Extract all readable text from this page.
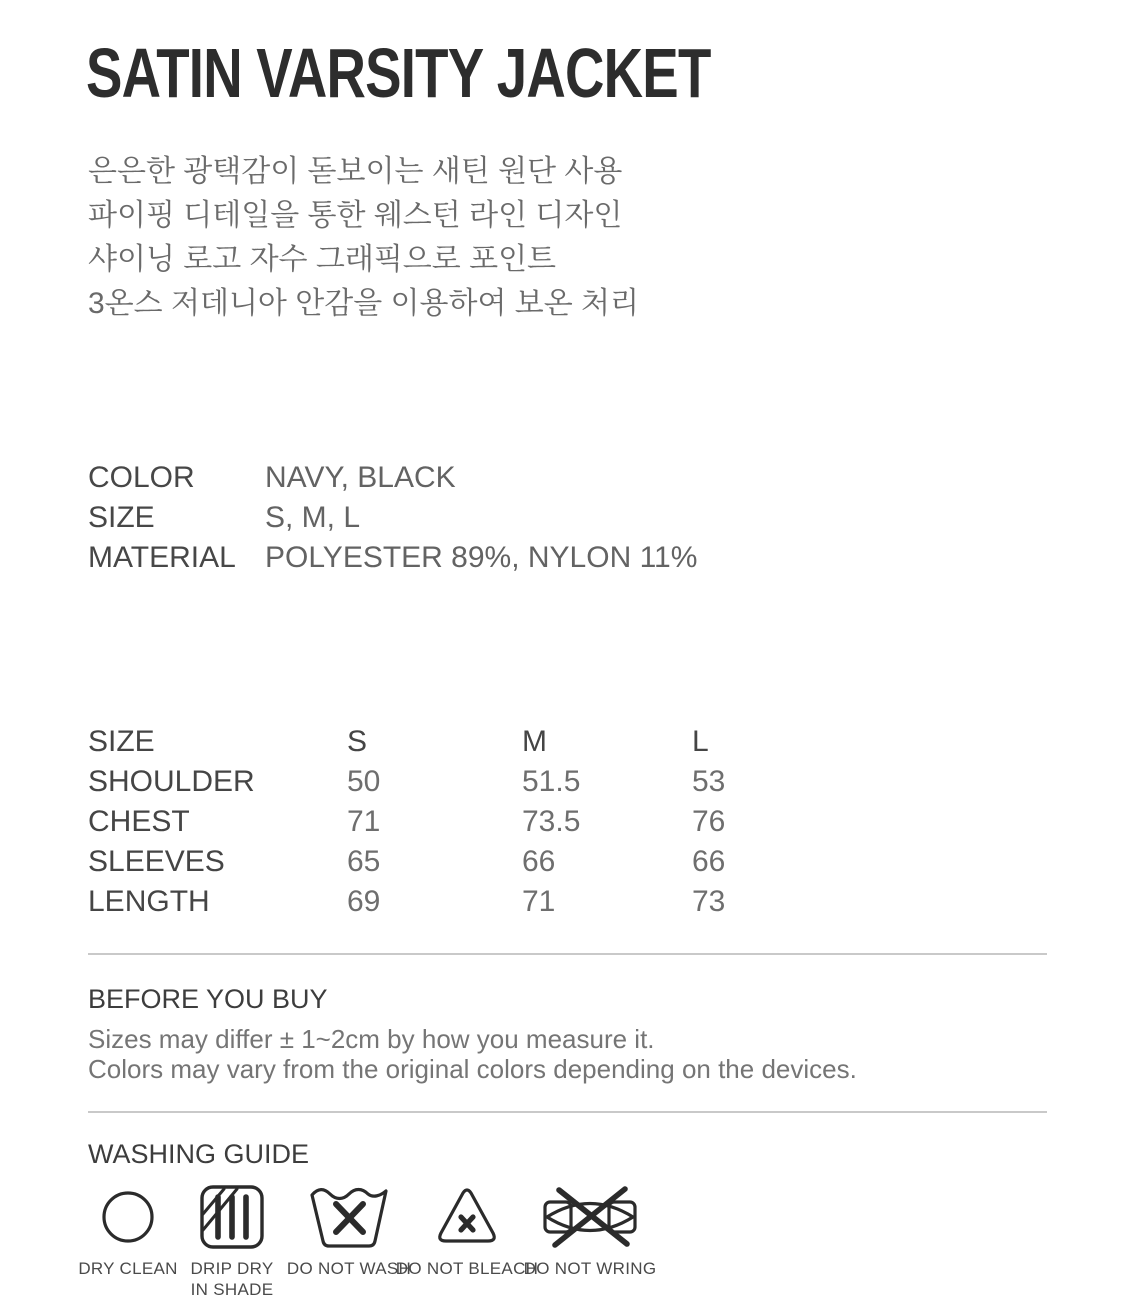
SATIN VARSITY JACKET
은은한 광택감이 돋보이는 새틴 원단 사용
파이핑 디테일을 통한 웨스턴 라인 디자인
샤이닝 로고 자수 그래픽으로 포인트
3온스 저데니아 안감을 이용하여 보온 처리
COLOR	NAVY, BLACK
SIZE	S, M, L
MATERIAL POLYESTER 89%, NYLON 11%
SIZE	S	M	L
SHOULDER	50	51.5	53
CHEST	71	73.5	76
SLEEVES	65	66	66
LENGTH	69	71	73
BEFORE YOU BUY
Sizes may differ ± 1~2cm by how you measure it.
Colors may vary from the original colors depending on the devices.
WASHING GUIDE
DRY CLEAN DRIP DRY
IN SHADE
DO NOT WASH
DO NOT BLEACH
DO NOT WRING
